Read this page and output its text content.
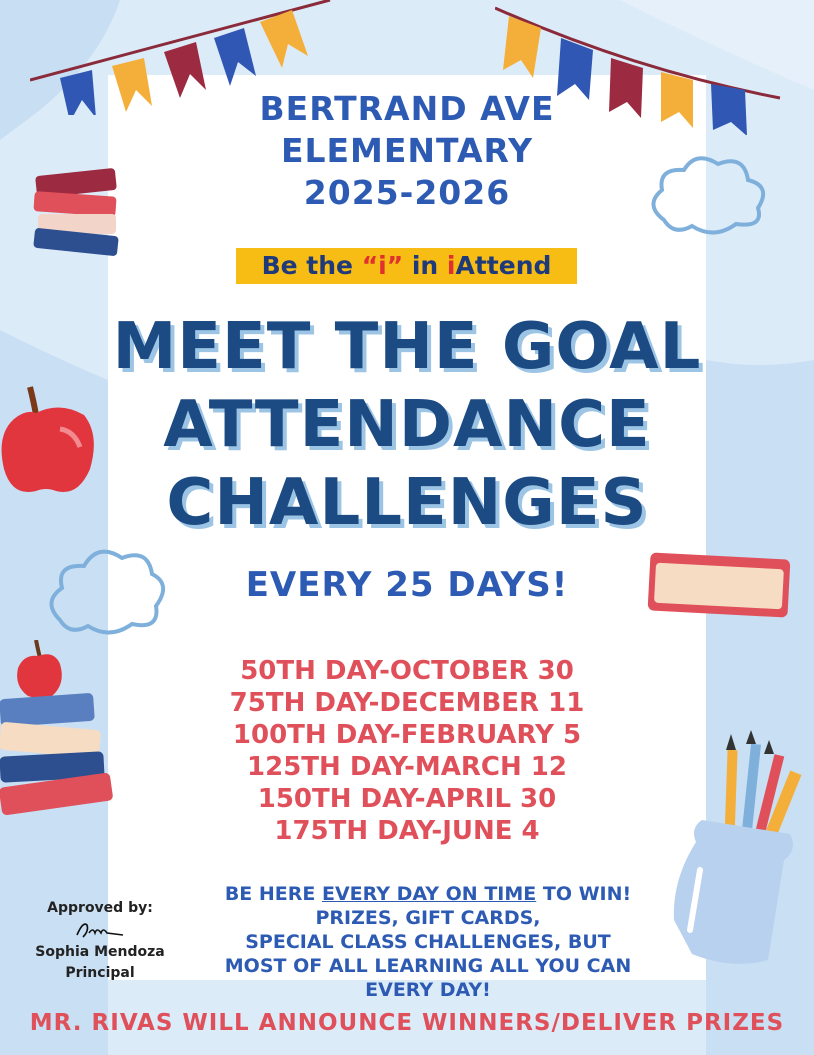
BERTRAND AVE
ELEMENTARY
2025-2026
Be the “i” in iAttend
MEET THE GOAL
ATTENDANCE
CHALLENGES
EVERY 25 DAYS!
50TH DAY-OCTOBER 30
75TH DAY-DECEMBER 11
100TH DAY-FEBRUARY 5
125TH DAY-MARCH 12
150TH DAY-APRIL 30
175TH DAY-JUNE 4
BE HERE EVERY DAY ON TIME TO WIN!
PRIZES, GIFT CARDS,
SPECIAL CLASS CHALLENGES, BUT
MOST OF ALL LEARNING ALL YOU CAN
EVERY DAY!
Approved by:
Sophia Mendoza
Principal
MR. RIVAS WILL ANNOUNCE WINNERS/DELIVER PRIZES
